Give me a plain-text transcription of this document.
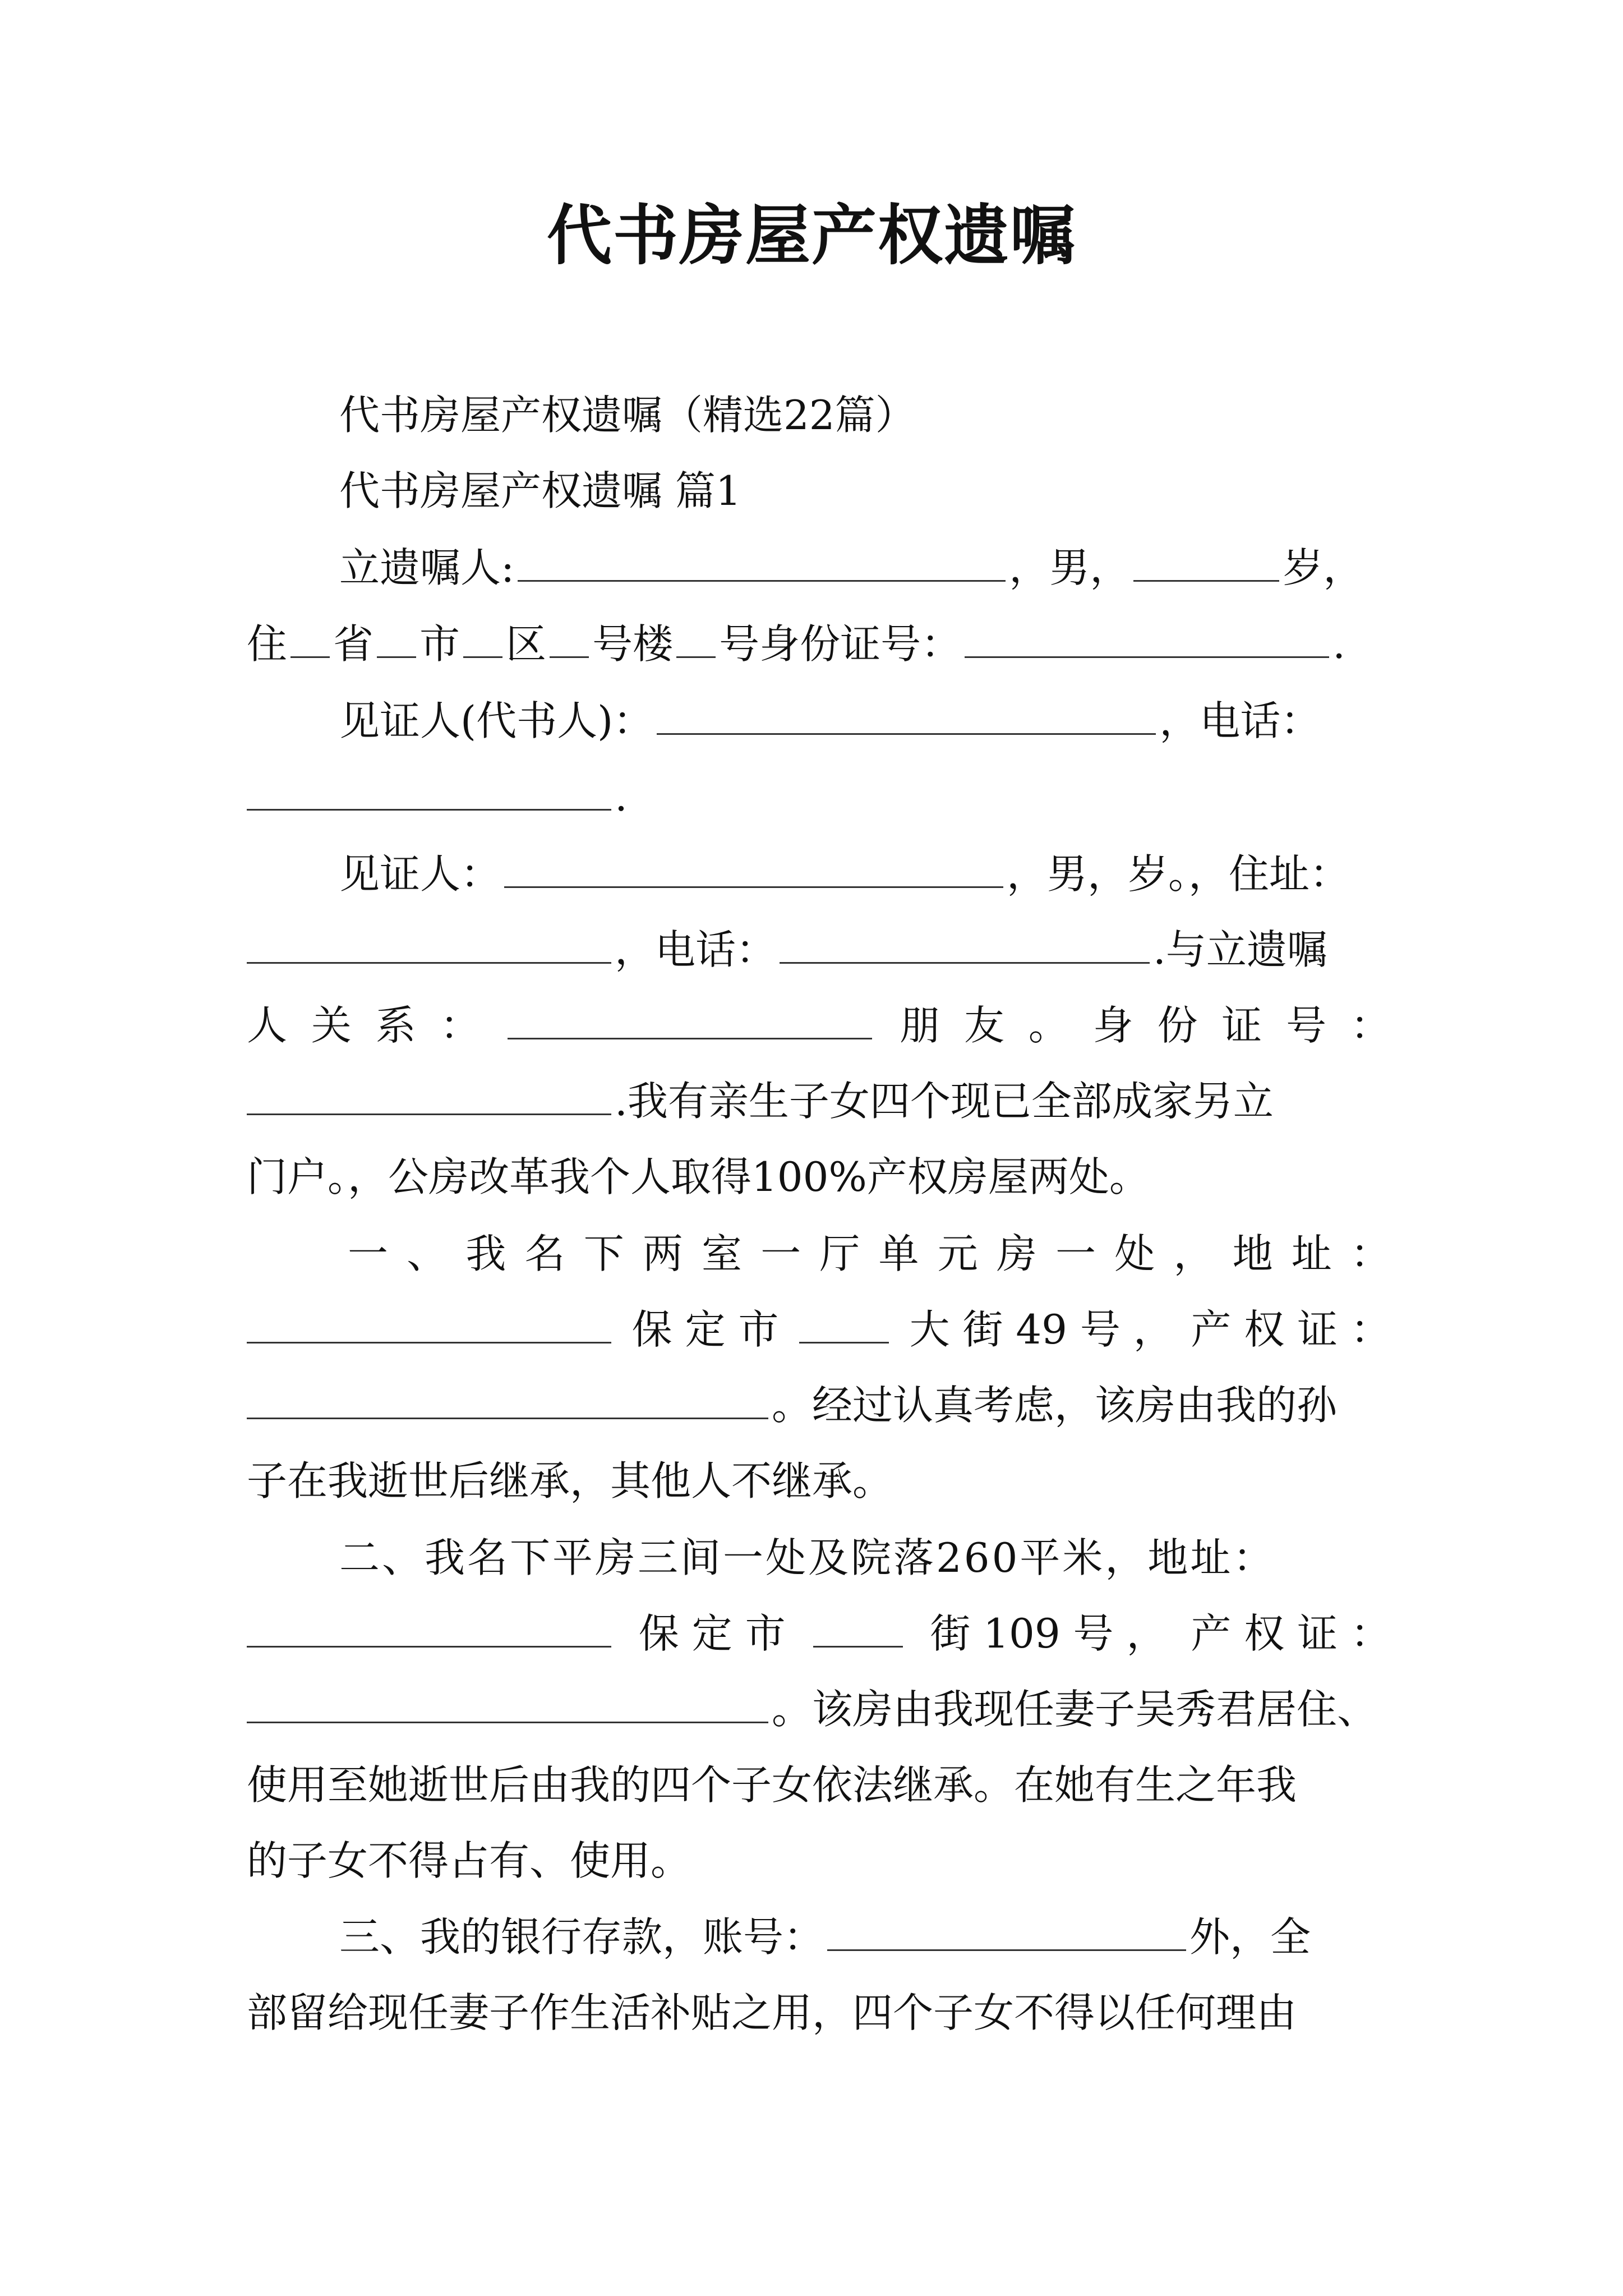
代书房屋产权遗嘱
代书房屋产权遗嘱（精选22篇）
代书房屋产权遗嘱 篇1
立遗嘱人:	，男，	岁，
住 省 市 区 号楼 号身份证号：	.
见证人(代书人)：	，电话：
.
见证人：	，男，岁。，住址：
，电话：	.与立遗嘱
人 关 系 ：	朋 友 。 身 份 证 号 ：
.我有亲生子女四个现已全部成家另立
门户。，公房改革我个人取得100%产权房屋两处。
一 、 我 名 下 两 室 一 厅 单 元 房 一 处 ， 地 址 ：
保 定 市	大 街 49 号 ， 产 权 证 ：
。经过认真考虑，该房由我的孙
子在我逝世后继承，其他人不继承。
二、我名下平房三间一处及院落260平米，地址：
保 定 市	街 109 号 ， 产 权 证 ：
。该房由我现任妻子吴秀君居住、
使用至她逝世后由我的四个子女依法继承。在她有生之年我
的子女不得占有、使用。
三、我的银行存款，账号：	外，全
部留给现任妻子作生活补贴之用，四个子女不得以任何理由
